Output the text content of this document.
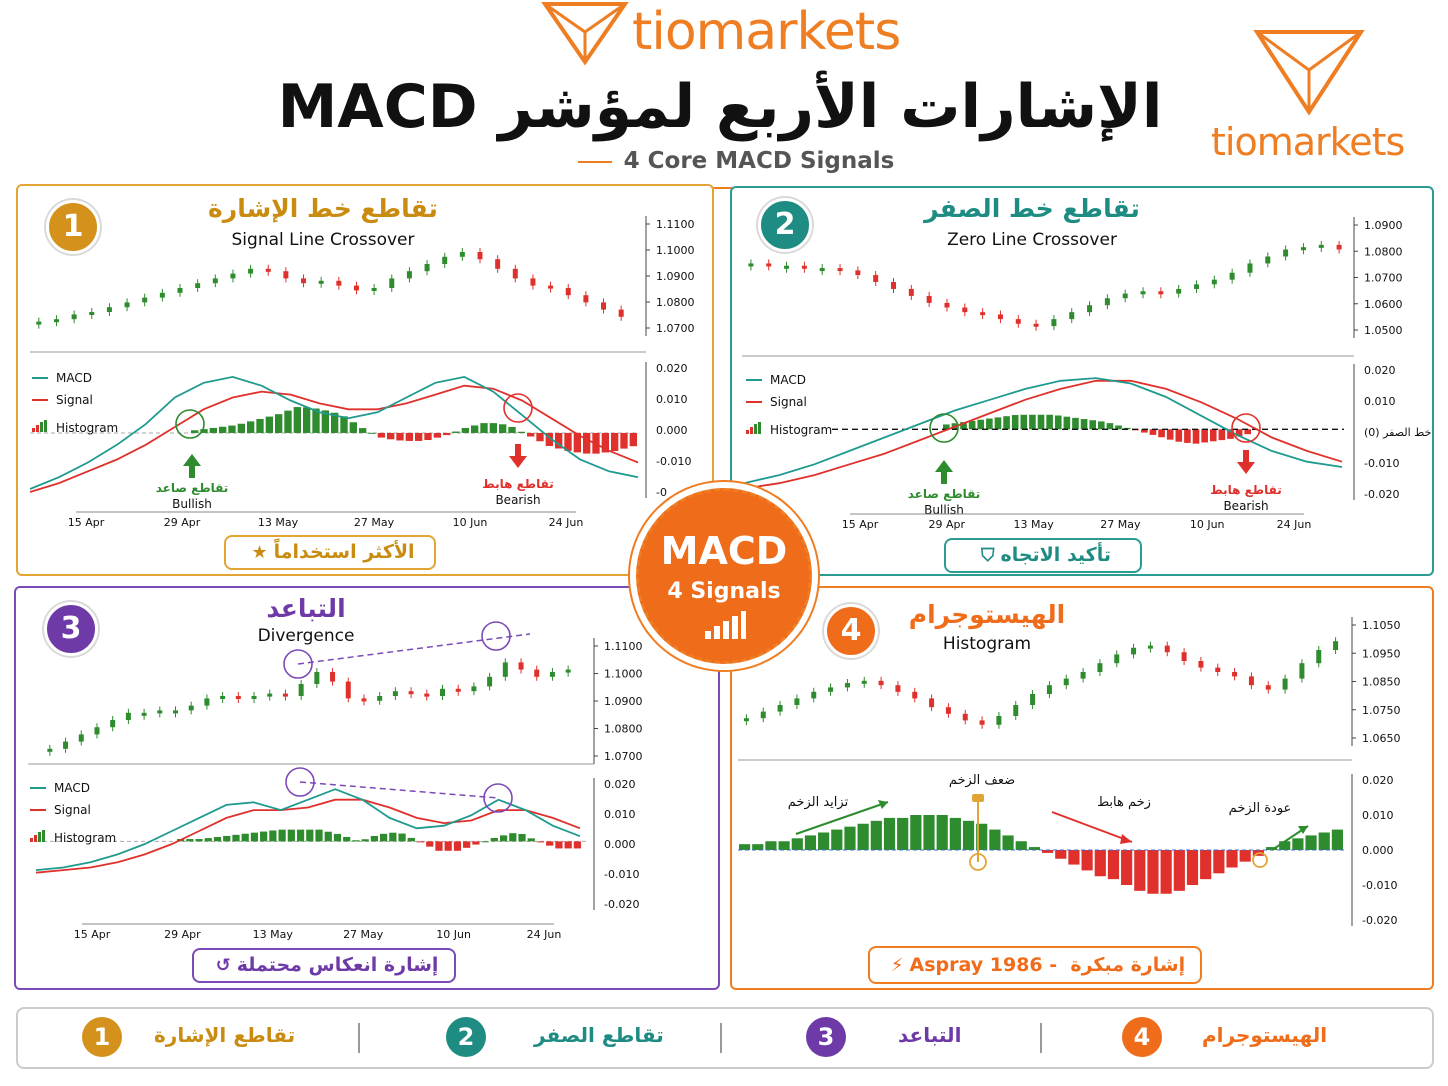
tiomarkets
tiomarkets
الإشارات الأربع لمؤشر MACD
4 Core MACD Signals
1
تقاطع خط الإشارة
Signal Line Crossover
1.1100
1.1000
1.0900
1.0800
1.0700
0.020
0.010
0.000
-0.010
-0
MACD
Signal
Histogram
تقاطع صاعد
Bullish
تقاطع هابط
Bearish
15 Apr	29 Apr	13 May	27 May	10 Jun	24 Jun
الأكثر استخداماً★
2	تقاطع خط الصفر
Zero Line Crossover
1.0900
1.0800
1.0700
1.0600
1.0500
0.020
0.010
خط الصفر (0)
-0.010
-0.020
MACD
Signal
Histogram
تقاطع صاعد
Bullish
تقاطع هابط
Bearish
15 Apr	29 Apr	13 May	27 May	10 Jun	24 Jun
تأكيد الاتجاه⛉
3
التباعد
Divergence
1.1100
1.1000
1.0900
1.0800
1.0700
0.020
0.010
0.000
-0.010
-0.020
MACD
Signal
Histogram
15 Apr	29 Apr	13 May	27 May	10 Jun	24 Jun
إشارة انعكاس محتملة↺
4	الهيستوجرام
Histogram
1.1050
1.0950
1.0850
1.0750
1.0650
0.020
0.010
0.000
-0.010
-0.020
تزايد الزخم
ضعف الزخم
زخم هابط	عودة الزخم
إشارة مبكرة  Aspray 1986 -⚡
MACD
4 Signals
1	تقاطع الإشارة	2	تقاطع الصفر	3	التباعد	4	الهيستوجرام
